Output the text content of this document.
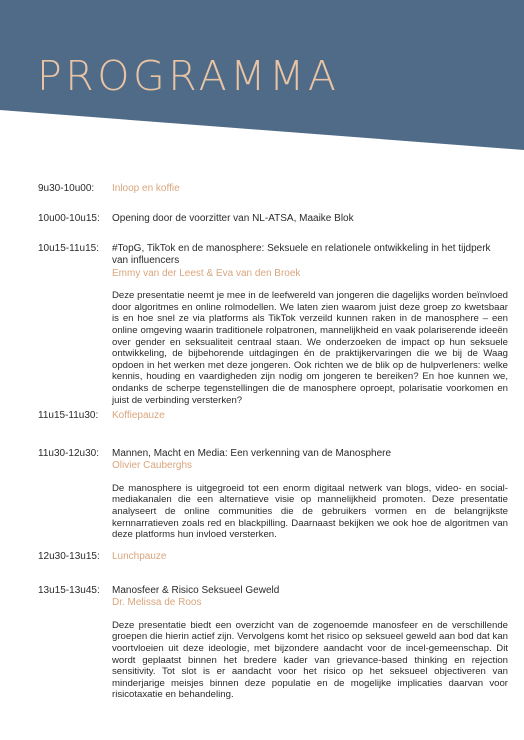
PROGRAMMA
9u30-10u00:	Inloop en koffie
10u00-10u15:	Opening door de voorzitter van NL-ATSA, Maaike Blok
10u15-11u15:	#TopG, TikTok en de manosphere: Seksuele en relationele ontwikkeling in het tijdperk van influencers
Emmy van der Leest & Eva van den Broek
Deze presentatie neemt je mee in de leefwereld van jongeren die dagelijks worden beïnvloed door algoritmes en online rolmodellen. We laten zien waarom juist deze groep zo kwetsbaar is en hoe snel ze via platforms als TikTok verzeild kunnen raken in de manosphere – een online omgeving waarin traditionele rolpatronen, mannelijkheid en vaak polariserende ideeën over gender en seksualiteit centraal staan. We onderzoeken de impact op hun seksuele ontwikkeling, de bijbehorende uitdagingen én de praktijkervaringen die we bij de Waag opdoen in het werken met deze jongeren. Ook richten we de blik op de hulpverleners: welke kennis, houding en vaardigheden zijn nodig om jongeren te bereiken? En hoe kunnen we, ondanks de scherpe tegenstellingen die de manosphere oproept, polarisatie voorkomen en juist de verbinding versterken?
11u15-11u30:	Koffiepauze
11u30-12u30:	Mannen, Macht en Media: Een verkenning van de Manosphere
Olivier Cauberghs
De manosphere is uitgegroeid tot een enorm digitaal netwerk van blogs, video- en social-mediakanalen die een alternatieve visie op mannelijkheid promoten. Deze presentatie analyseert de online communities die de gebruikers vormen en de belangrijkste kernnarratieven zoals red en blackpilling. Daarnaast bekijken we ook hoe de algoritmen van deze platforms hun invloed versterken.
12u30-13u15:	Lunchpauze
13u15-13u45:	Manosfeer & Risico Seksueel Geweld
Dr. Melissa de Roos
Deze presentatie biedt een overzicht van de zogenoemde manosfeer en de verschillende groepen die hierin actief zijn. Vervolgens komt het risico op seksueel geweld aan bod dat kan voortvloeien uit deze ideologie, met bijzondere aandacht voor de incel-gemeenschap. Dit wordt geplaatst binnen het bredere kader van grievance-based thinking en rejection sensitivity. Tot slot is er aandacht voor het risico op het seksueel objectiveren van minderjarige meisjes binnen deze populatie en de mogelijke implicaties daarvan voor risicotaxatie en behandeling.
